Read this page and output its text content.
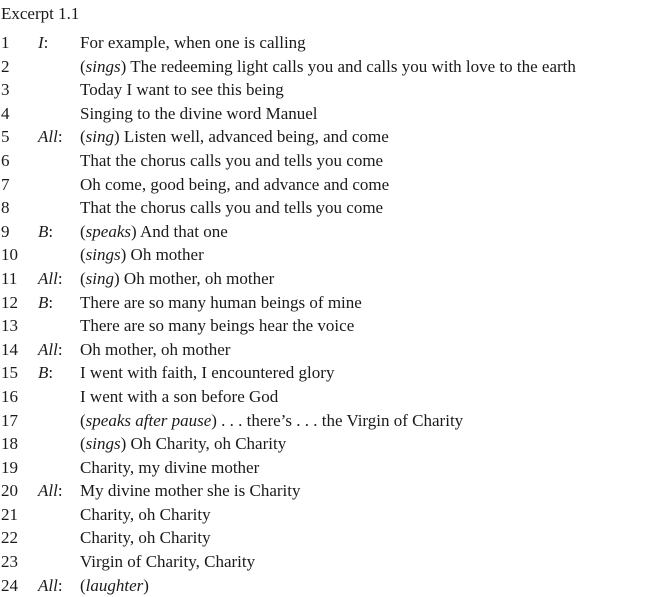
Excerpt 1.1
1 I: For example, when one is calling
2	(sings) The redeeming light calls you and calls you with love to the earth
3	Today I want to see this being
4	Singing to the divine word Manuel
5 All: (sing) Listen well, advanced being, and come
6	That the chorus calls you and tells you come
7	Oh come, good being, and advance and come
8	That the chorus calls you and tells you come
9 B: (speaks) And that one
10	(sings) Oh mother
11 All: (sing) Oh mother, oh mother
12 B: There are so many human beings of mine
13	There are so many beings hear the voice
14 All: Oh mother, oh mother
15 B: I went with faith, I encountered glory
16	I went with a son before God
17	(speaks after pause) . . . there’s . . . the Virgin of Charity
18	(sings) Oh Charity, oh Charity
19	Charity, my divine mother
20 All: My divine mother she is Charity
21	Charity, oh Charity
22	Charity, oh Charity
23	Virgin of Charity, Charity
24 All: (laughter)
